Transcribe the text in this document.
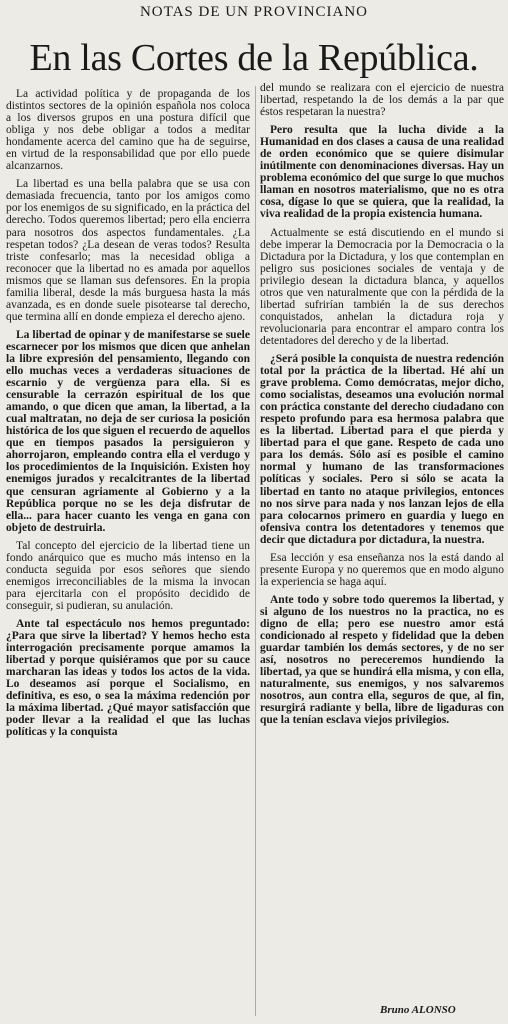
NOTAS DE UN PROVINCIANO
En las Cortes de la República.

La actividad política y de propaganda de los distintos sectores de la opinión española nos coloca a los diversos grupos en una postura difícil que obliga y nos debe obligar a todos a meditar hondamente acerca del camino que ha de seguirse, en virtud de la responsabilidad que por ello puede alcanzarnos.

La libertad es una bella palabra que se usa con demasiada frecuencia, tanto por los amigos como por los enemigos de su significado, en la práctica del derecho. Todos queremos libertad; pero ella encierra para nosotros dos aspectos fundamentales. ¿La respetan todos? ¿La desean de veras todos? Resulta triste confesarlo; mas la necesidad obliga a reconocer que la libertad no es amada por aquellos mismos que se llaman sus defensores. En la propia familia liberal, desde la más burguesa hasta la más avanzada, es en donde suele pisotearse tal derecho, que termina allí en donde empieza el derecho ajeno.

La libertad de opinar y de manifestarse se suele escarnecer por los mismos que dicen que anhelan la libre expresión del pensamiento, llegando con ello muchas veces a verdaderas situaciones de escarnio y de vergüenza para ella. Si es censurable la cerrazón espiritual de los que amando, o que dicen que aman, la libertad, a la cual maltratan, no deja de ser curiosa la posición histórica de los que siguen el recuerdo de aquellos que en tiempos pasados la persiguieron y ahorrojaron, empleando contra ella el verdugo y los procedimientos de la Inquisición. Existen hoy enemigos jurados y recalcitrantes de la libertad que censuran agriamente al Gobierno y a la República porque no se les deja disfrutar de ella... para hacer cuanto les venga en gana con objeto de destruirla.

Tal concepto del ejercicio de la libertad tiene un fondo anárquico que es mucho más intenso en la conducta seguida por esos señores que siendo enemigos irreconciliables de la misma la invocan para ejercitarla con el propósito decidido de conseguir, si pudieran, su anulación.

Ante tal espectáculo nos hemos preguntado: ¿Para que sirve la libertad? Y hemos hecho esta interrogación precisamente porque amamos la libertad y porque quisiéramos que por su cauce marcharan las ideas y todos los actos de la vida. Lo deseamos así porque el Socialismo, en definitiva, es eso, o sea la máxima redención por la máxima libertad. ¿Qué mayor satisfacción que poder llevar a la realidad el que las luchas políticas y la conquista

del mundo se realizara con el ejercicio de nuestra libertad, respetando la de los demás a la par que éstos respetaran la nuestra?

Pero resulta que la lucha divide a la Humanidad en dos clases a causa de una realidad de orden económico que se quiere disimular inútilmente con denominaciones diversas. Hay un problema económico del que surge lo que muchos llaman en nosotros materialismo, que no es otra cosa, dígase lo que se quiera, que la realidad, la viva realidad de la propia existencia humana.

Actualmente se está discutiendo en el mundo si debe imperar la Democracia por la Democracia o la Dictadura por la Dictadura, y los que contemplan en peligro sus posiciones sociales de ventaja y de privilegio desean la dictadura blanca, y aquellos otros que ven naturalmente que con la pérdida de la libertad sufrirían también la de sus derechos conquistados, anhelan la dictadura roja y revolucionaria para encontrar el amparo contra los detentadores del derecho y de la libertad.

¿Será posible la conquista de nuestra redención total por la práctica de la libertad. Hé ahí un grave problema. Como demócratas, mejor dicho, como socialistas, deseamos una evolución normal con práctica constante del derecho ciudadano con respeto profundo para esa hermosa palabra que es la libertad. Libertad para el que pierda y libertad para el que gane. Respeto de cada uno para los demás. Sólo así es posible el camino normal y humano de las transformaciones políticas y sociales. Pero si sólo se acata la libertad en tanto no ataque privilegios, entonces no nos sirve para nada y nos lanzan lejos de ella para colocarnos primero en guardia y luego en ofensiva contra los detentadores y tenemos que decir que dictadura por dictadura, la nuestra.

Esa lección y esa enseñanza nos la está dando al presente Europa y no queremos que en modo alguno la experiencia se haga aquí.

Ante todo y sobre todo queremos la libertad, y si alguno de los nuestros no la practica, no es digno de ella; pero ese nuestro amor está condicionado al respeto y fidelidad que la deben guardar también los demás sectores, y de no ser así, nosotros no pereceremos hundiendo la libertad, ya que se hundirá ella misma, y con ella, naturalmente, sus enemigos, y nos salvaremos nosotros, aun contra ella, seguros de que, al fin, resurgirá radiante y bella, libre de ligaduras con que la tenían esclava viejos privilegios.

Bruno ALONSO
